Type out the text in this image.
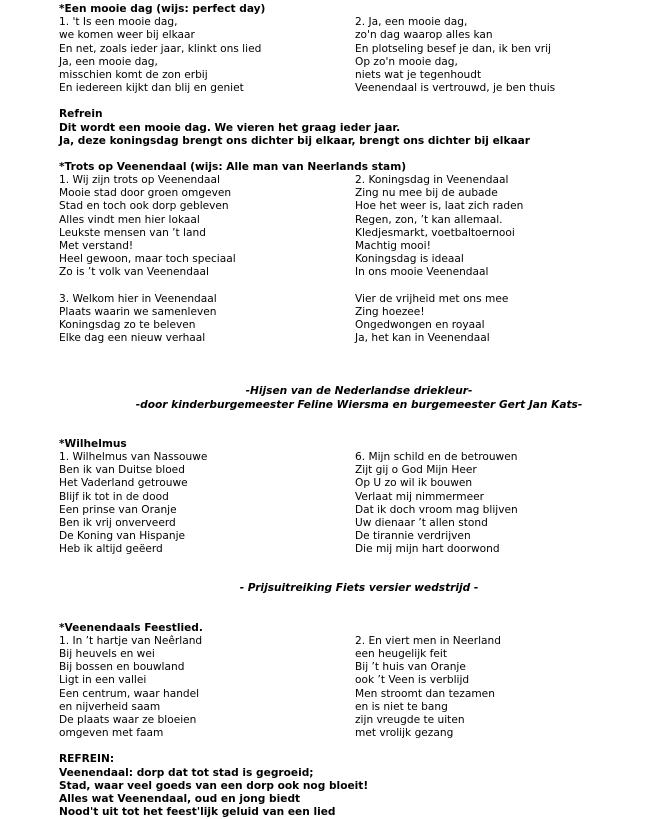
*Een mooie dag (wijs: perfect day)
1. 't Is een mooie dag,
we komen weer bij elkaar
En net, zoals ieder jaar, klinkt ons lied
Ja, een mooie dag,
misschien komt de zon erbij
En iedereen kijkt dan blij en geniet
2. Ja, een mooie dag,
zo'n dag waarop alles kan
En plotseling besef je dan, ik ben vrij
Op zo'n mooie dag,
niets wat je tegenhoudt
Veenendaal is vertrouwd, je ben thuis
Refrein
Dit wordt een mooie dag. We vieren het graag ieder jaar.
Ja, deze koningsdag brengt ons dichter bij elkaar, brengt ons dichter bij elkaar
*Trots op Veenendaal (wijs: Alle man van Neerlands stam)
1. Wij zijn trots op Veenendaal
Mooie stad door groen omgeven
Stad en toch ook dorp gebleven
Alles vindt men hier lokaal
Leukste mensen van ’t land
Met verstand!
Heel gewoon, maar toch speciaal
Zo is ’t volk van Veenendaal
2. Koningsdag in Veenendaal
Zing nu mee bij de aubade
Hoe het weer is, laat zich raden
Regen, zon, ’t kan allemaal.
Kledjesmarkt, voetbaltoernooi
Machtig mooi!
Koningsdag is ideaal
In ons mooie Veenendaal
3. Welkom hier in Veenendaal
Plaats waarin we samenleven
Koningsdag zo te beleven
Elke dag een nieuw verhaal
Vier de vrijheid met ons mee
Zing hoezee!
Ongedwongen en royaal
Ja, het kan in Veenendaal
-Hijsen van de Nederlandse driekleur-
-door kinderburgemeester Feline Wiersma en burgemeester Gert Jan Kats-
*Wilhelmus
1. Wilhelmus van Nassouwe
Ben ik van Duitse bloed
Het Vaderland getrouwe
Blijf ik tot in de dood
Een prinse van Oranje
Ben ik vrij onverveerd
De Koning van Hispanje
Heb ik altijd geëerd
6. Mijn schild en de betrouwen
Zijt gij o God Mijn Heer
Op U zo wil ik bouwen
Verlaat mij nimmermeer
Dat ik doch vroom mag blijven
Uw dienaar ’t allen stond
De tirannie verdrijven
Die mij mijn hart doorwond
- Prijsuitreiking Fiets versier wedstrijd -
*Veenendaals Feestlied.
1. In ’t hartje van Neêrland
Bij heuvels en wei
Bij bossen en bouwland
Ligt in een vallei
Een centrum, waar handel
en nijverheid saam
De plaats waar ze bloeien
omgeven met faam
2. En viert men in Neerland
een heugelijk feit
Bij ’t huis van Oranje
ook ’t Veen is verblijd
Men stroomt dan tezamen
en is niet te bang
zijn vreugde te uiten
met vrolijk gezang
REFREIN:
Veenendaal: dorp dat tot stad is gegroeid;
Stad, waar veel goeds van een dorp ook nog bloeit!
Alles wat Veenendaal, oud en jong biedt
Nood't uit tot het feest'lijk geluid van een lied
